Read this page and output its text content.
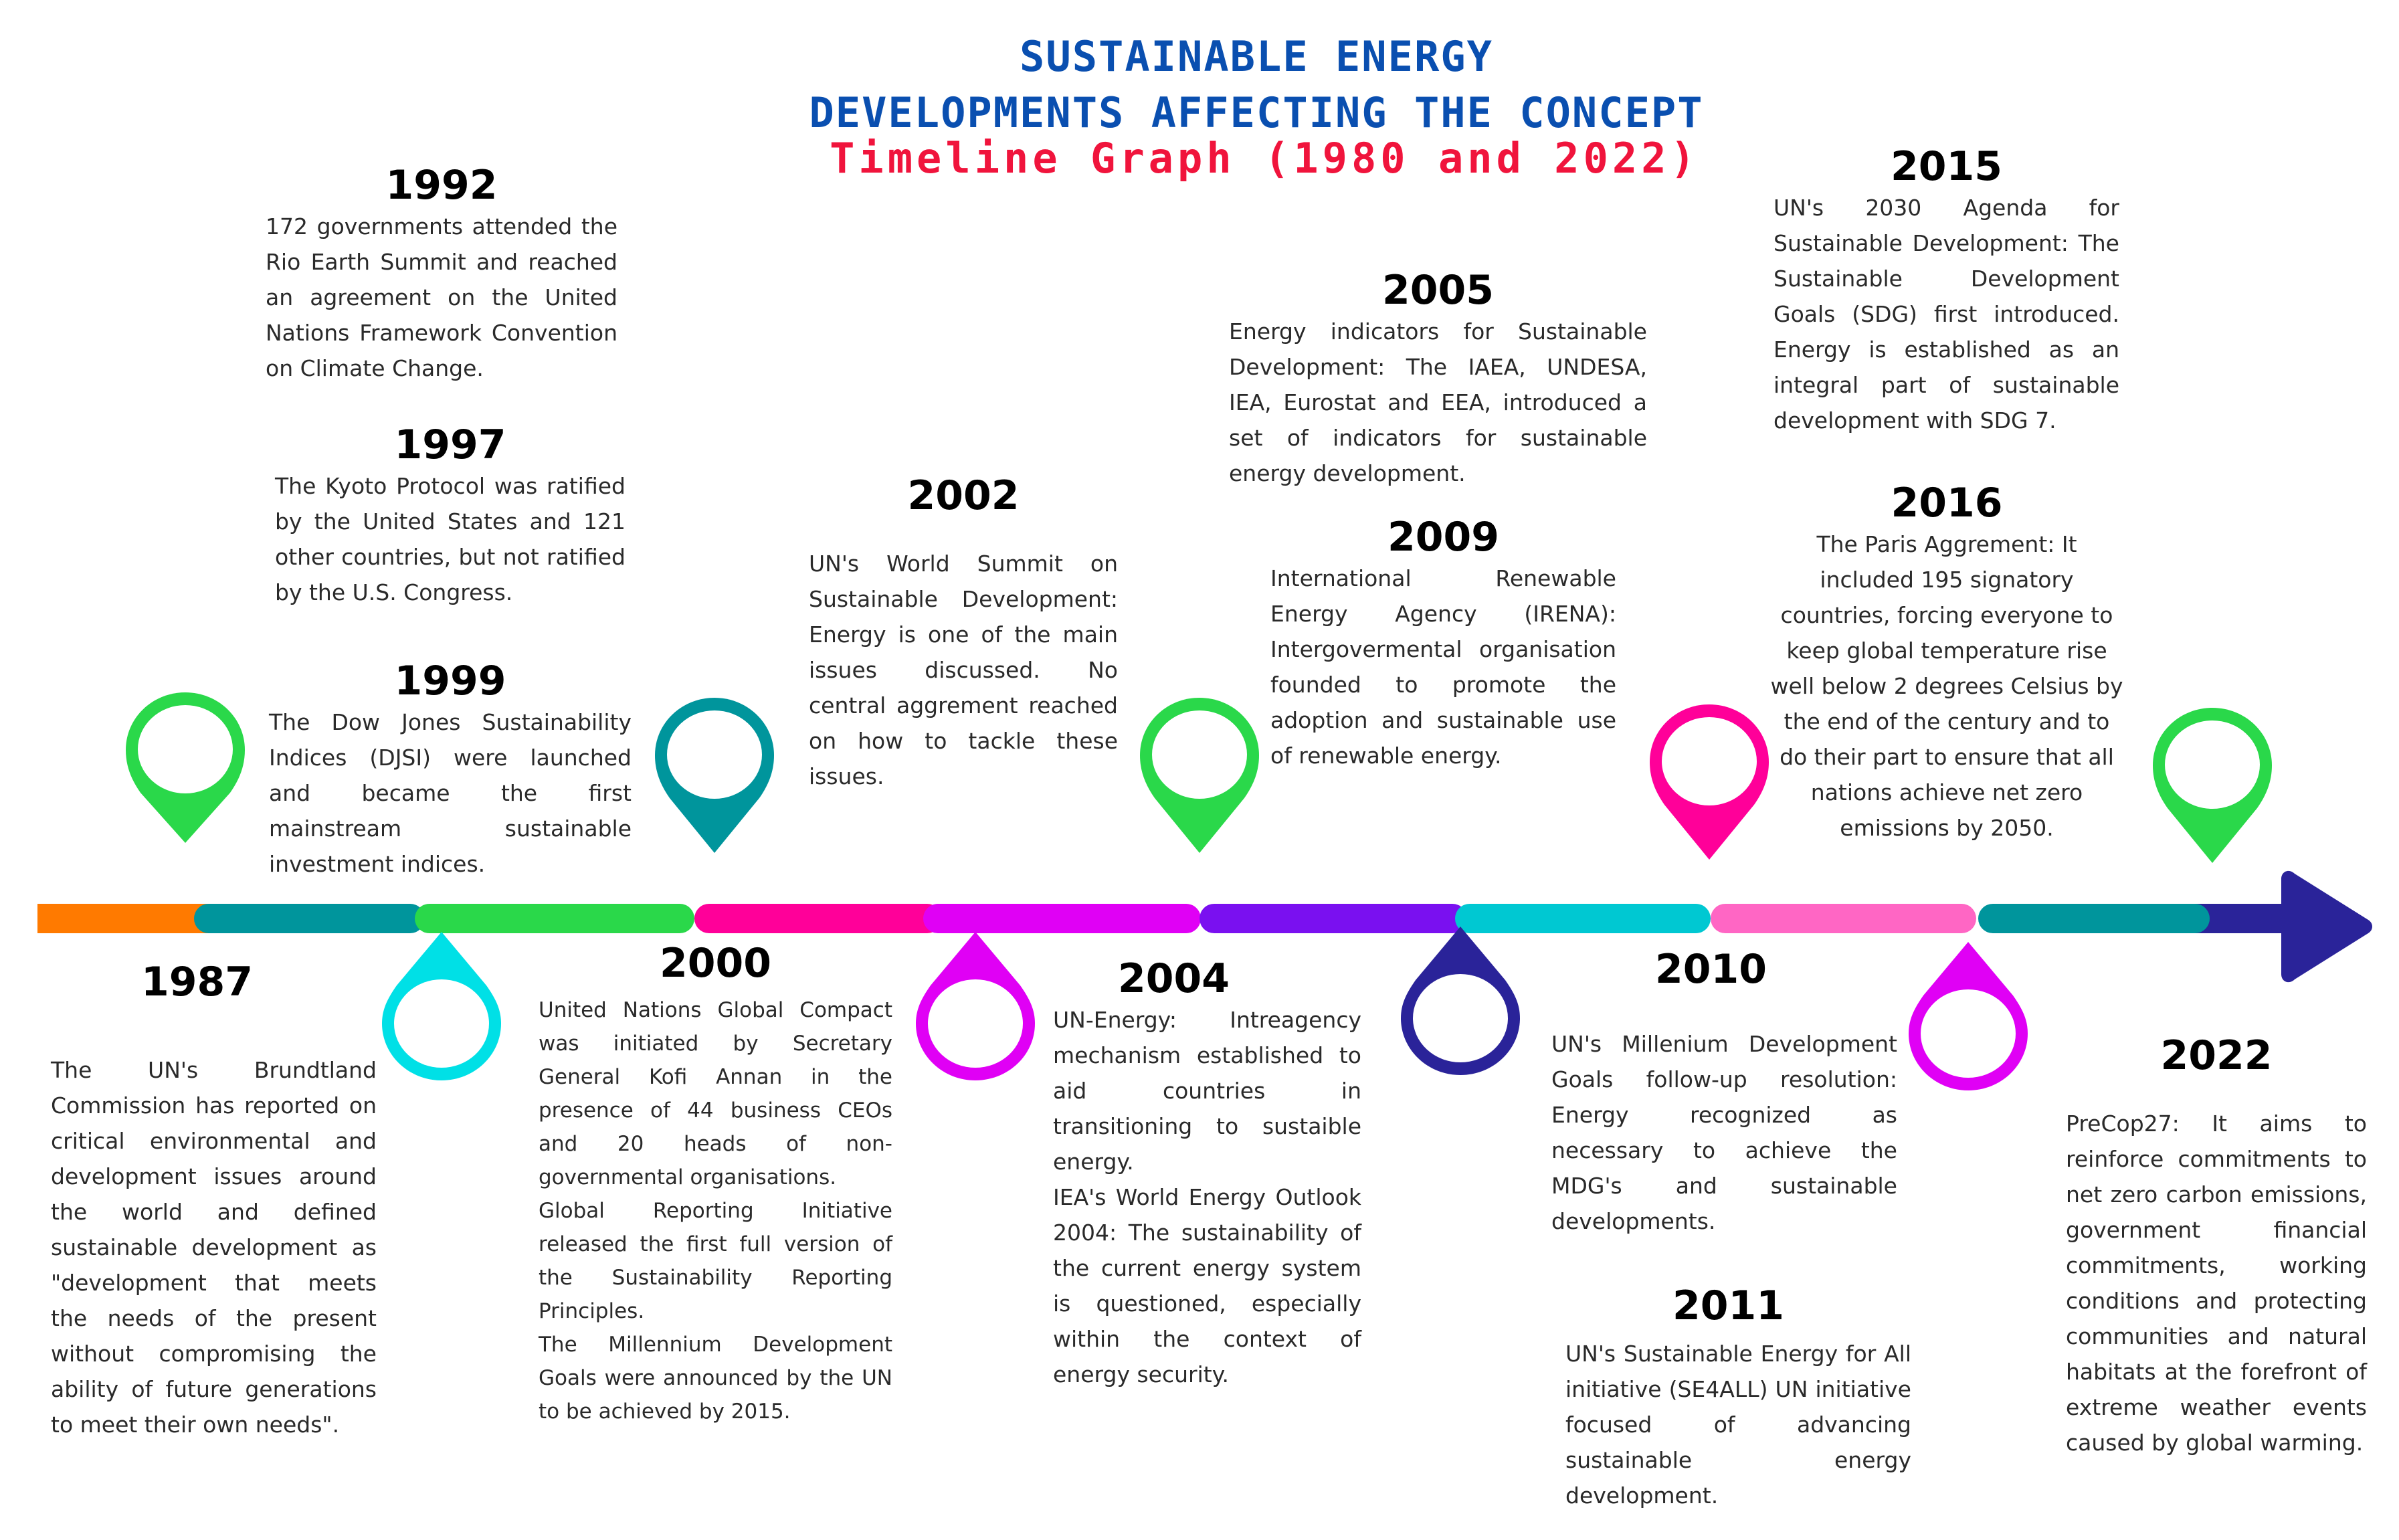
SUSTAINABLE ENERGY
DEVELOPMENTS AFFECTING THE CONCEPT
Timeline Graph (1980 and 2022)
1992
172 governments attended the Rio Earth Summit and reached an agreement on the United Nations Framework Convention on Climate Change.
1997
The Kyoto Protocol was ratified by the United States and 121 other countries, but not ratified by the U.S. Congress.
1999
The Dow Jones Sustainability Indices (DJSI) were launched and became the first mainstream sustainable investment indices.
2002
UN's World Summit on Sustainable Development: Energy is one of the main issues discussed. No central aggrement reached on how to tackle these issues.
2005
Energy indicators for Sustainable Development: The IAEA, UNDESA, IEA, Eurostat and EEA, introduced a set of indicators for sustainable energy development.
2009
International Renewable Energy Agency (IRENA): Intergovermental organisation founded to promote the adoption and sustainable use of renewable energy.
2015
UN's 2030 Agenda for Sustainable Development: The Sustainable Development Goals (SDG) first introduced. Energy is established as an integral part of sustainable development with SDG 7.
2016
The Paris Aggrement: It included 195 signatory countries, forcing everyone to keep global temperature rise well below 2 degrees Celsius by the end of the century and to do their part to ensure that all nations achieve net zero emissions by 2050.
1987
The UN's Brundtland Commission has reported on critical environmental and development issues around the world and defined sustainable development as "development that meets the needs of the present without compromising the ability of future generations to meet their own needs".
2000
United Nations Global Compact was initiated by Secretary General Kofi Annan in the presence of 44 business CEOs and 20 heads of non-governmental organisations.
Global Reporting Initiative released the first full version of the Sustainability Reporting Principles.
The Millennium Development Goals were announced by the UN to be achieved by 2015.
2004
UN-Energy: Intreagency mechanism established to aid countries in transitioning to sustaible energy.
IEA's World Energy Outlook 2004: The sustainability of the current energy system is questioned, especially within the context of energy security.
2010
UN's Millenium Development Goals follow-up resolution: Energy recognized as necessary to achieve the MDG's and sustainable developments.
2011
UN's Sustainable Energy for All initiative (SE4ALL) UN initiative focused of advancing sustainable energy development.
2022
PreCop27: It aims to reinforce commitments to net zero carbon emissions, government financial commitments, working conditions and protecting communities and natural habitats at the forefront of extreme weather events caused by global warming.
